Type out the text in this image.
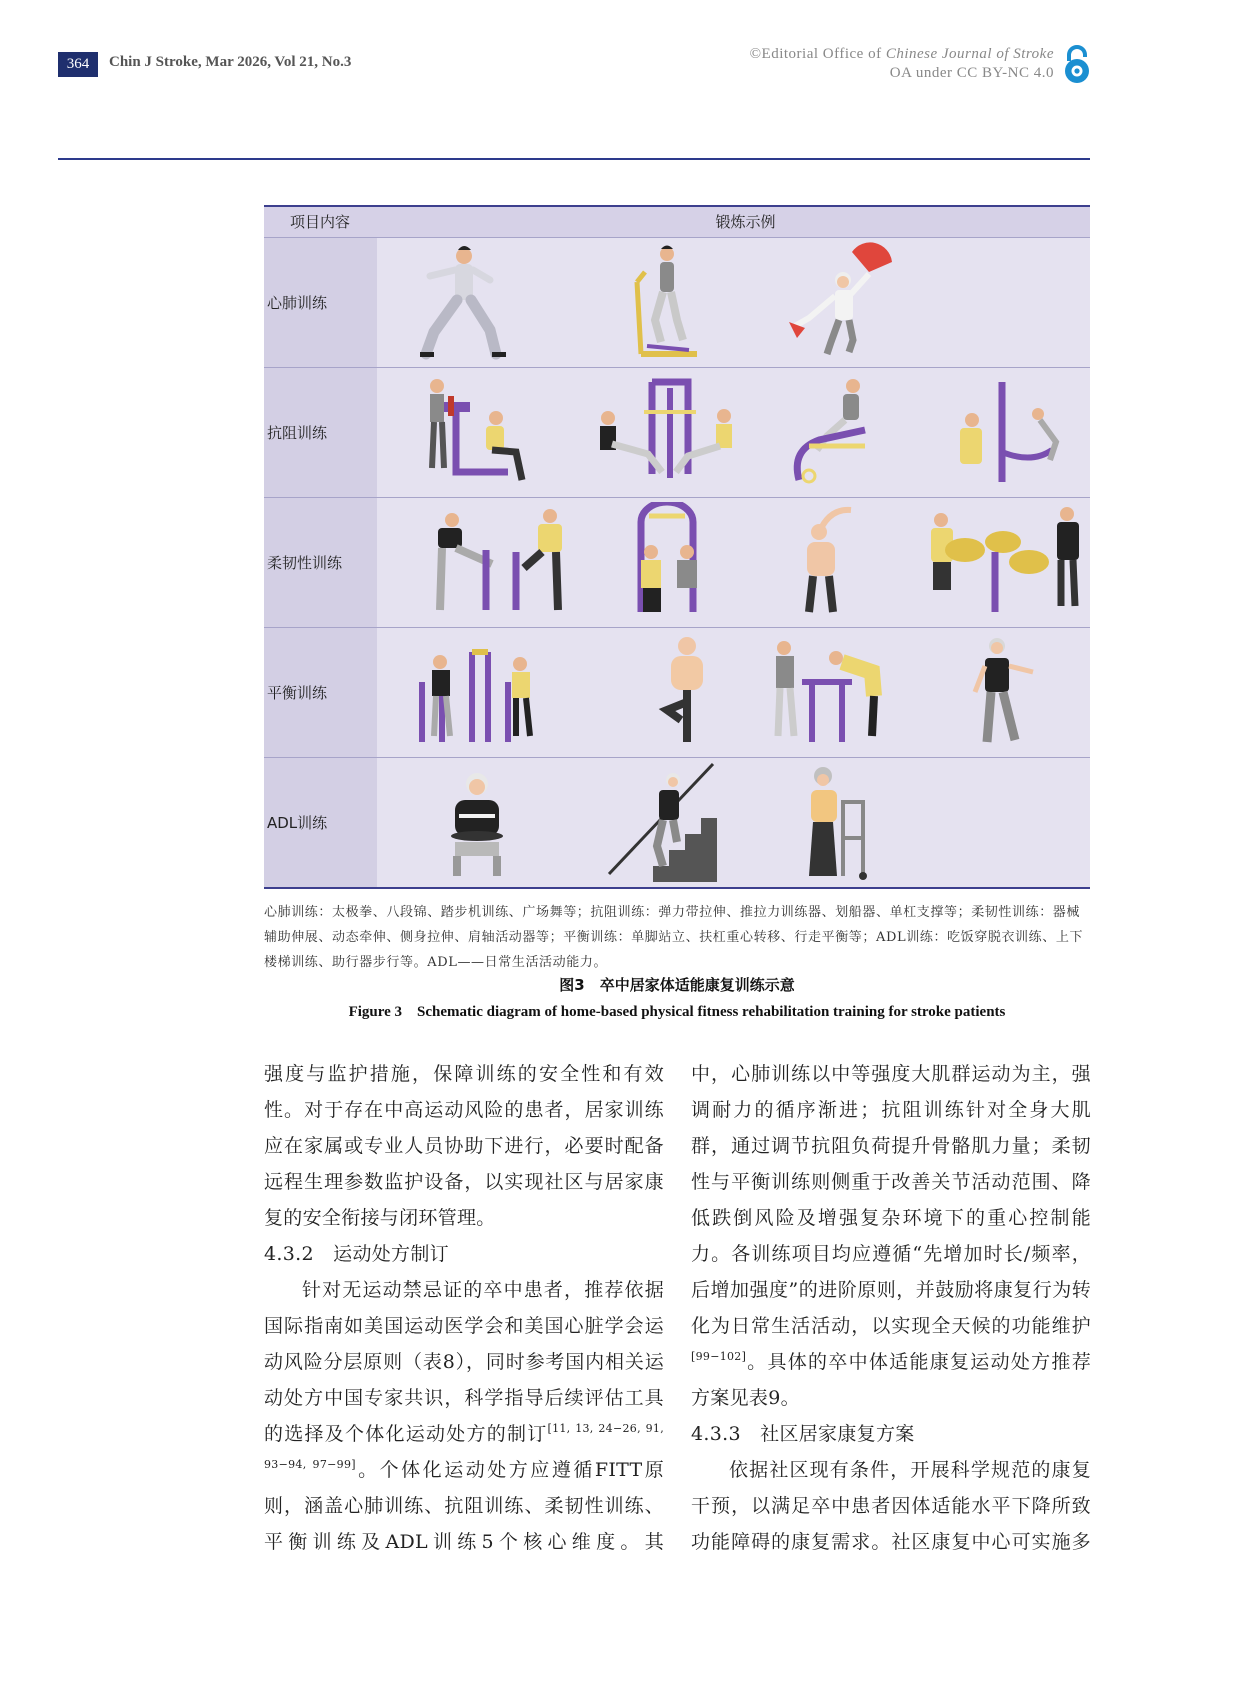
364	Chin J Stroke, Mar 2026, Vol 21, No.3	©Editorial Office of Chinese Journal of Stroke
OA under CC BY-NC 4.0
项目内容	锻炼示例
心肺训练
抗阻训练
柔韧性训练
平衡训练
ADL训练
心肺训练：太极拳、八段锦、踏步机训练、广场舞等；抗阻训练：弹力带拉伸、推拉力训练器、划船器、单杠支撑等；柔韧性训练：器械辅助伸展、动态牵伸、侧身拉伸、肩轴活动器等；平衡训练：单脚站立、扶杠重心转移、行走平衡等；ADL训练：吃饭穿脱衣训练、上下楼梯训练、助行器步行等。ADL——日常生活活动能力。
图3　卒中居家体适能康复训练示意
Figure 3　Schematic diagram of home-based physical fitness rehabilitation training for stroke patients

强度与监护措施，保障训练的安全性和有效性。对于存在中高运动风险的患者，居家训练应在家属或专业人员协助下进行，必要时配备远程生理参数监护设备，以实现社区与居家康复的安全衔接与闭环管理。

4.3.2　运动处方制订

针对无运动禁忌证的卒中患者，推荐依据国际指南如美国运动医学会和美国心脏学会运动风险分层原则（表8），同时参考国内相关运动处方中国专家共识，科学指导后续评估工具的选择及个体化运动处方的制订[11, 13, 24−26, 91, 93−94, 97−99]。个体化运动处方应遵循FITT原则，涵盖心肺训练、抗阻训练、柔韧性训练、平衡训练及ADL训练5个核心维度。其

中，心肺训练以中等强度大肌群运动为主，强调耐力的循序渐进；抗阻训练针对全身大肌群，通过调节抗阻负荷提升骨骼肌力量；柔韧性与平衡训练则侧重于改善关节活动范围、降低跌倒风险及增强复杂环境下的重心控制能力。各训练项目均应遵循“先增加时长/频率，后增加强度”的进阶原则，并鼓励将康复行为转化为日常生活活动，以实现全天候的功能维护[99−102]。具体的卒中体适能康复运动处方推荐方案见表9。

4.3.3　社区居家康复方案

依据社区现有条件，开展科学规范的康复干预，以满足卒中患者因体适能水平下降所致功能障碍的康复需求。社区康复中心可实施多
